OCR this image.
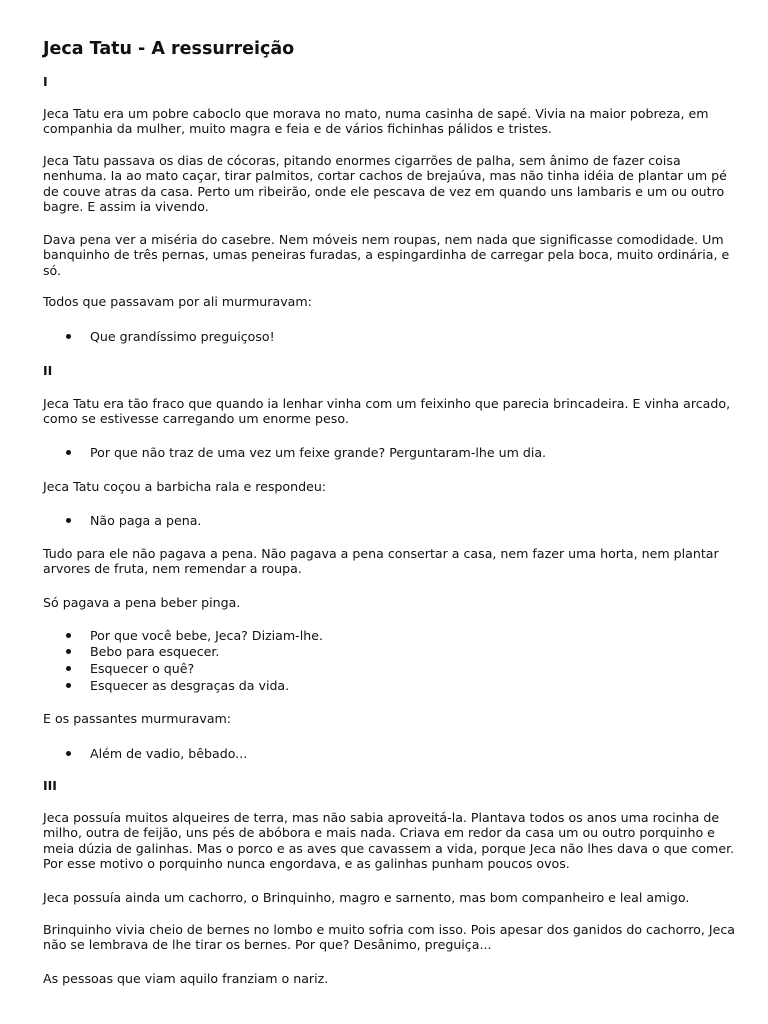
Jeca Tatu - A ressurreição
I

Jeca Tatu era um pobre caboclo que morava no mato, numa casinha de sapé. Vivia na maior pobreza, em companhia da mulher, muito magra e feia e de vários fichinhas pálidos e tristes.

Jeca Tatu passava os dias de cócoras, pitando enormes cigarrões de palha, sem ânimo de fazer coisa nenhuma. Ia ao mato caçar, tirar palmitos, cortar cachos de brejaúva, mas não tinha idéia de plantar um pé de couve atras da casa. Perto um ribeirão, onde ele pescava de vez em quando uns lambaris e um ou outro bagre. E assim ia vivendo.

Dava pena ver a miséria do casebre. Nem móveis nem roupas, nem nada que significasse comodidade. Um banquinho de três pernas, umas peneiras furadas, a espingardinha de carregar pela boca, muito ordinária, e só.

Todos que passavam por ali murmuravam:

Que grandíssimo preguiçoso!

II

Jeca Tatu era tão fraco que quando ia lenhar vinha com um feixinho que parecia brincadeira. E vinha arcado, como se estivesse carregando um enorme peso.

Por que não traz de uma vez um feixe grande? Perguntaram-lhe um dia.

Jeca Tatu coçou a barbicha rala e respondeu:

Não paga a pena.

Tudo para ele não pagava a pena. Não pagava a pena consertar a casa, nem fazer uma horta, nem plantar arvores de fruta, nem remendar a roupa.

Só pagava a pena beber pinga.

Por que você bebe, Jeca? Diziam-lhe.

Bebo para esquecer.

Esquecer o quê?

Esquecer as desgraças da vida.

E os passantes murmuravam:

Além de vadio, bêbado...

III

Jeca possuía muitos alqueires de terra, mas não sabia aproveitá-la. Plantava todos os anos uma rocinha de milho, outra de feijão, uns pés de abóbora e mais nada. Criava em redor da casa um ou outro porquinho e meia dúzia de galinhas. Mas o porco e as aves que cavassem a vida, porque Jeca não lhes dava o que comer. Por esse motivo o porquinho nunca engordava, e as galinhas punham poucos ovos.

Jeca possuía ainda um cachorro, o Brinquinho, magro e sarnento, mas bom companheiro e leal amigo.

Brinquinho vivia cheio de bernes no lombo e muito sofria com isso. Pois apesar dos ganidos do cachorro, Jeca não se lembrava de lhe tirar os bernes. Por que? Desânimo, preguiça...

As pessoas que viam aquilo franziam o nariz.
